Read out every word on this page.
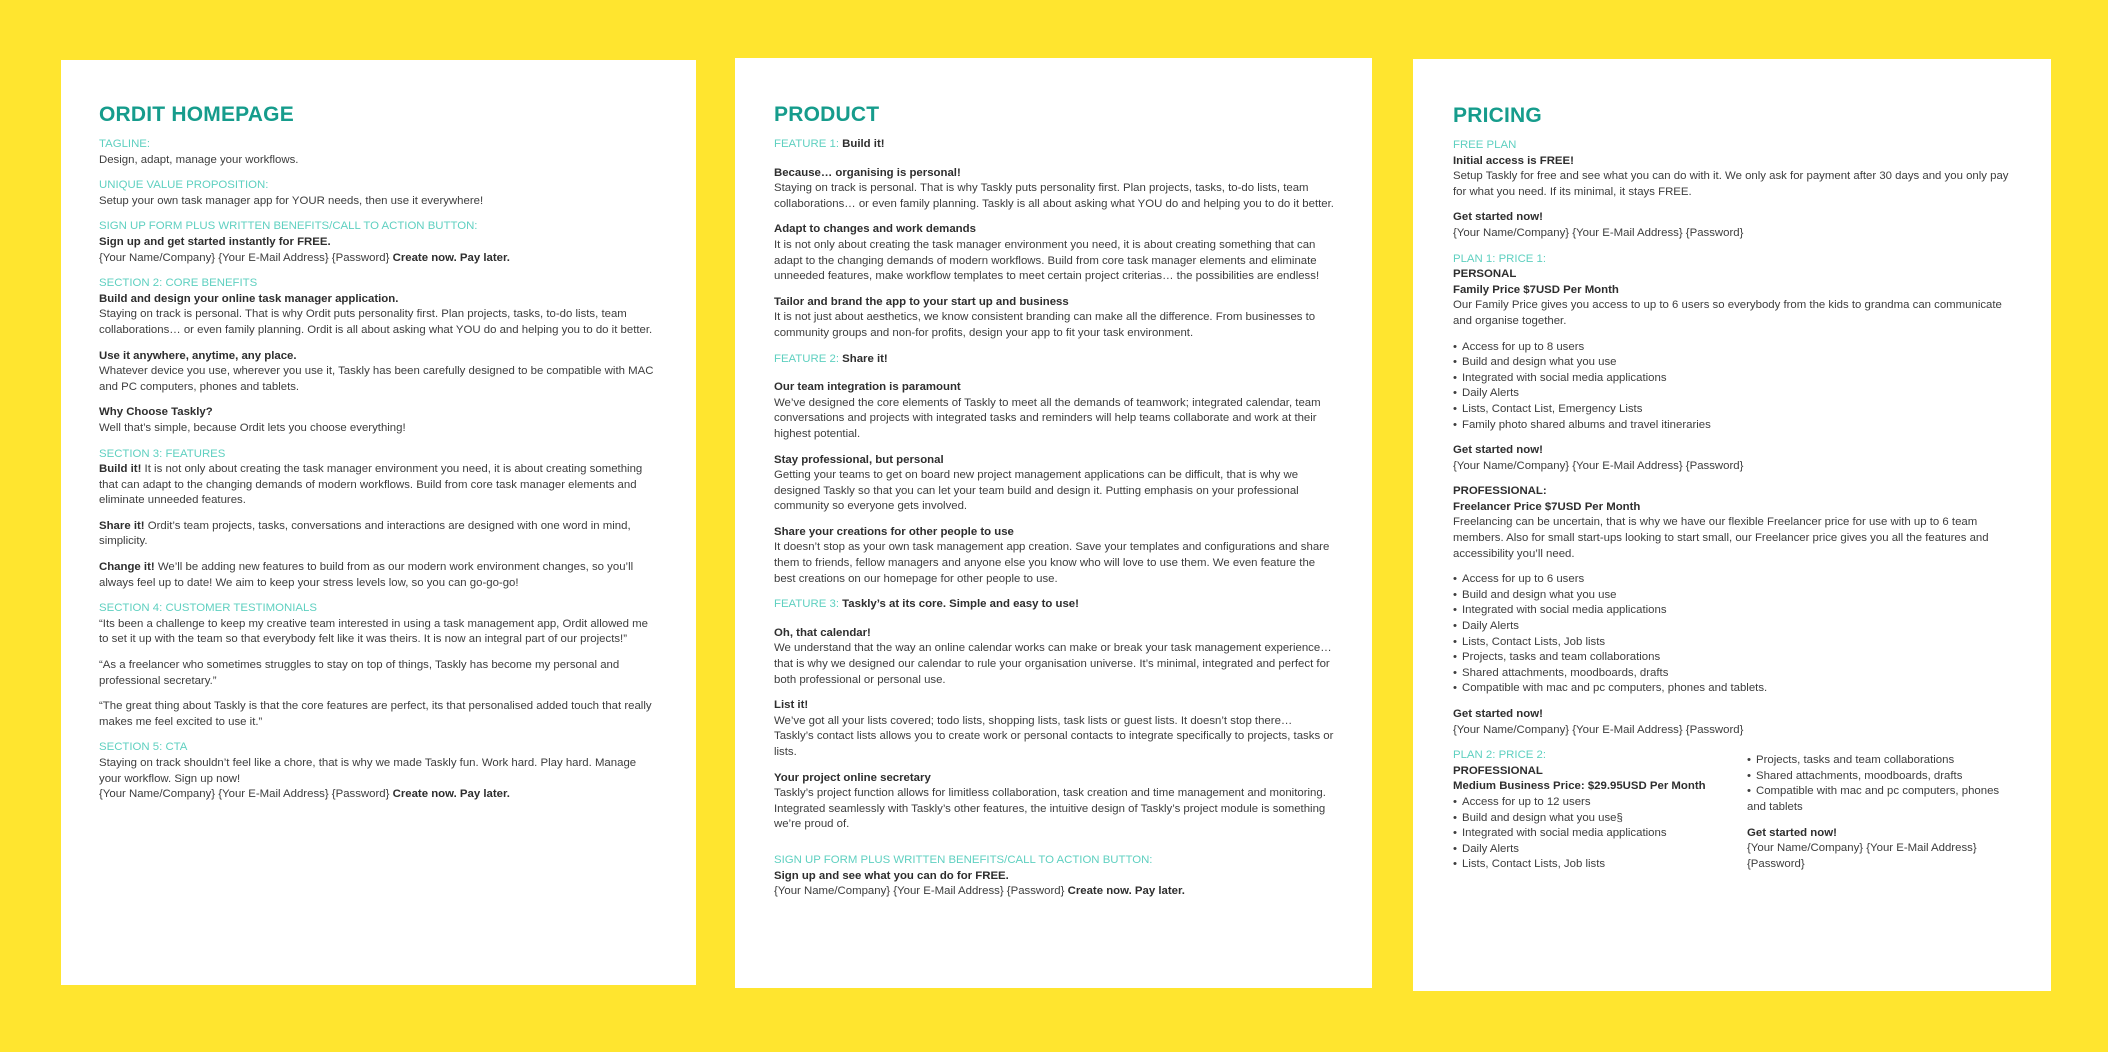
ORDIT HOMEPAGE
TAGLINE:

Design, adapt, manage your workflows.

UNIQUE VALUE PROPOSITION:

Setup your own task manager app for YOUR needs, then use it everywhere!

SIGN UP FORM PLUS WRITTEN BENEFITS/CALL TO ACTION BUTTON:
Sign up and get started instantly for FREE.

{Your Name/Company} {Your E-Mail Address} {Password} Create now. Pay later.

SECTION 2: CORE BENEFITS
Build and design your online task manager application.

Staying on track is personal. That is why Ordit puts personality first. Plan projects, tasks, to-do lists, team collaborations… or even family planning. Ordit is all about asking what YOU do and helping you to do it better.

Use it anywhere, anytime, any place.

Whatever device you use, wherever you use it, Taskly has been carefully designed to be compatible with MAC and PC computers, phones and tablets.

Why Choose Taskly?

Well that’s simple, because Ordit lets you choose everything!

SECTION 3: FEATURES

Build it! It is not only about creating the task manager environment you need, it is about creating something that can adapt to the changing demands of modern workflows. Build from core task manager elements and eliminate unneeded features.

Share it! Ordit’s team projects, tasks, conversations and interactions are designed with one word in mind, simplicity.

Change it! We’ll be adding new features to build from as our modern work environment changes, so you’ll always feel up to date! We aim to keep your stress levels low, so you can go-go-go!

SECTION 4: CUSTOMER TESTIMONIALS

“Its been a challenge to keep my creative team interested in using a task management app, Ordit allowed me to set it up with the team so that everybody felt like it was theirs. It is now an integral part of our projects!”

“As a freelancer who sometimes struggles to stay on top of things, Taskly has become my personal and professional secretary.”

“The great thing about Taskly is that the core features are perfect, its that personalised added touch that really makes me feel excited to use it.”

SECTION 5: CTA
Staying on track shouldn’t feel like a chore, that is why we made Taskly fun. Work hard. Play hard. Manage your workflow. Sign up now!

{Your Name/Company} {Your E-Mail Address} {Password} Create now. Pay later.

PRODUCT

FEATURE 1: Build it!

Because… organising is personal!

Staying on track is personal. That is why Taskly puts personality first. Plan projects, tasks, to-do lists, team collaborations… or even family planning. Taskly is all about asking what YOU do and helping you to do it better.

Adapt to changes and work demands

It is not only about creating the task manager environment you need, it is about creating something that can adapt to the changing demands of modern workflows. Build from core task manager elements and eliminate unneeded features, make workflow templates to meet certain project criterias… the possibilities are endless!

Tailor and brand the app to your start up and business

It is not just about aesthetics, we know consistent branding can make all the difference. From businesses to community groups and non-for profits, design your app to fit your task environment.

FEATURE 2: Share it!

Our team integration is paramount

We’ve designed the core elements of Taskly to meet all the demands of teamwork; integrated calendar, team conversations and projects with integrated tasks and reminders will help teams collaborate and work at their highest potential.

Stay professional, but personal

Getting your teams to get on board new project management applications can be difficult, that is why we designed Taskly so that you can let your team build and design it. Putting emphasis on your professional community so everyone gets involved.

Share your creations for other people to use

It doesn’t stop as your own task management app creation. Save your templates and configurations and share them to friends, fellow managers and anyone else you know who will love to use them. We even feature the best creations on our homepage for other people to use.

FEATURE 3: Taskly’s at its core. Simple and easy to use!

Oh, that calendar!

We understand that the way an online calendar works can make or break your task management experience… that is why we designed our calendar to rule your organisation universe. It’s minimal, integrated and perfect for both professional or personal use.

List it!

We’ve got all your lists covered; todo lists, shopping lists, task lists or guest lists. It doesn’t stop there… Taskly’s contact lists allows you to create work or personal contacts to integrate specifically to projects, tasks or lists.

Your project online secretary

Taskly’s project function allows for limitless collaboration, task creation and time management and monitoring. Integrated seamlessly with Taskly’s other features, the intuitive design of Taskly’s project module is something we’re proud of.

SIGN UP FORM PLUS WRITTEN BENEFITS/CALL TO ACTION BUTTON:
Sign up and see what you can do for FREE.

{Your Name/Company} {Your E-Mail Address} {Password} Create now. Pay later.

PRICING
FREE PLAN
Initial access is FREE!

Setup Taskly for free and see what you can do with it. We only ask for payment after 30 days and you only pay for what you need. If its minimal, it stays FREE.

Get started now!

{Your Name/Company} {Your E-Mail Address} {Password}

PLAN 1: PRICE 1:
PERSONAL
Family Price $7USD Per Month

Our Family Price gives you access to up to 6 users so everybody from the kids to grandma can communicate and organise together.

• Access for up to 8 users
• Build and design what you use
• Integrated with social media applications
• Daily Alerts
• Lists, Contact List, Emergency Lists
• Family photo shared albums and travel itineraries
Get started now!

{Your Name/Company} {Your E-Mail Address} {Password}

PROFESSIONAL:
Freelancer Price $7USD Per Month

Freelancing can be uncertain, that is why we have our flexible Freelancer price for use with up to 6 team members. Also for small start-ups looking to start small, our Freelancer price gives you all the features and accessibility you’ll need.

• Access for up to 6 users
• Build and design what you use
• Integrated with social media applications
• Daily Alerts
• Lists, Contact Lists, Job lists
• Projects, tasks and team collaborations
• Shared attachments, moodboards, drafts
• Compatible with mac and pc computers, phones and tablets.
Get started now!

{Your Name/Company} {Your E-Mail Address} {Password}

PLAN 2: PRICE 2:
PROFESSIONAL
Medium Business Price: $29.95USD Per Month
• Access for up to 12 users
• Build and design what you use§
• Integrated with social media applications
• Daily Alerts
• Lists, Contact Lists, Job lists
• Projects, tasks and team collaborations
• Shared attachments, moodboards, drafts
• Compatible with mac and pc computers, phones and tablets
Get started now!

{Your Name/Company} {Your E-Mail Address} {Password}
